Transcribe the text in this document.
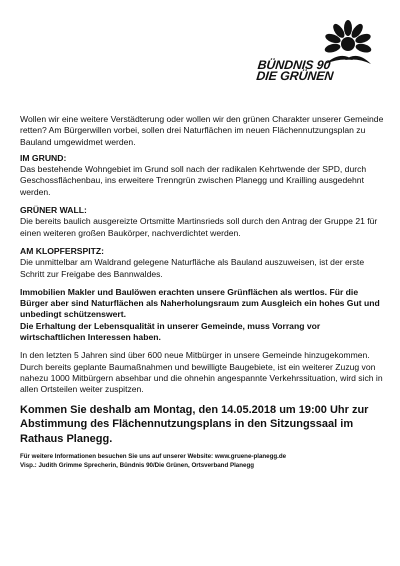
BÜNDNIS 90
DIE GRÜNEN

Wollen wir eine weitere Verstädterung oder wollen wir den grünen Charakter unserer Gemeinde retten? Am Bürgerwillen vorbei, sollen drei Naturflächen im neuen Flächennutzungsplan zu Bauland umgewidmet werden.

IM GRUND:

Das bestehende Wohngebiet im Grund soll nach der radikalen Kehrtwende der SPD, durch Geschossflächenbau, ins erweitere Trenngrün zwischen Planegg und Krailling ausgedehnt werden.

GRÜNER WALL:

Die bereits baulich ausgereizte Ortsmitte Martinsrieds soll durch den Antrag der Gruppe 21 für einen weiteren großen Baukörper, nachverdichtet werden.

AM KLOPFERSPITZ:

Die unmittelbar am Waldrand gelegene Naturfläche als Bauland auszuweisen, ist der erste Schritt zur Freigabe des Bannwaldes.

Immobilien Makler und Baulöwen erachten unsere Grünflächen als wertlos. Für die Bürger aber sind Naturflächen als Naherholungsraum zum Ausgleich ein hohes Gut und unbedingt schützenswert.

Die Erhaltung der Lebensqualität in unserer Gemeinde, muss Vorrang vor wirtschaftlichen Interessen haben.

In den letzten 5 Jahren sind über 600 neue Mitbürger in unsere Gemeinde hinzugekommen. Durch bereits geplante Baumaßnahmen und bewilligte Baugebiete, ist ein weiterer Zuzug von nahezu 1000 Mitbürgern absehbar und die ohnehin angespannte Verkehrssituation, wird sich in allen Ortsteilen weiter zuspitzen.

Kommen Sie deshalb am Montag, den 14.05.2018 um 19:00 Uhr zur Abstimmung des Flächennutzungsplans in den Sitzungssaal im Rathaus Planegg.

Für weitere Informationen besuchen Sie uns auf unserer Website: www.gruene-planegg.de

Visp.: Judith Grimme Sprecherin, Bündnis 90/Die Grünen, Ortsverband Planegg
